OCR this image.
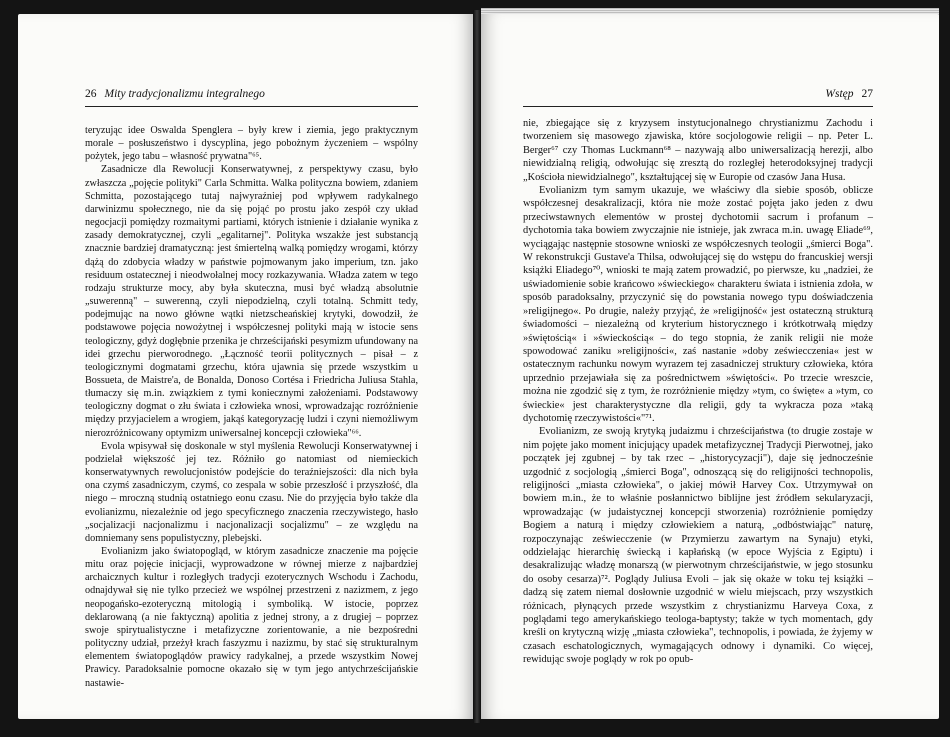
26 Mity tradycjonalizmu integralnego

teryzując idee Oswalda Spenglera – były krew i ziemia, jego praktycznym morale – posłuszeństwo i dyscyplina, jego pobożnym życzeniem – wspólny pożytek, jego tabu – własność prywatna"⁶⁵.

Zasadnicze dla Rewolucji Konserwatywnej, z perspektywy czasu, było zwłaszcza „pojęcie polityki" Carla Schmitta. Walka polityczna bowiem, zdaniem Schmitta, pozostającego tutaj najwyraźniej pod wpływem radykalnego darwinizmu społecznego, nie da się pojąć po prostu jako zespół czy układ negocjacji pomiędzy rozmaitymi partiami, których istnienie i działanie wynika z zasady demokratycznej, czyli „egalitarnej". Polityka wszakże jest substancją znacznie bardziej dramatyczną: jest śmiertelną walką pomiędzy wrogami, którzy dążą do zdobycia władzy w państwie pojmowanym jako imperium, tzn. jako residuum ostatecznej i nieodwołalnej mocy rozkazywania. Władza zatem w tego rodzaju strukturze mocy, aby była skuteczna, musi być władzą absolutnie „suwerenną" – suwerenną, czyli niepodzielną, czyli totalną. Schmitt tedy, podejmując na nowo główne wątki nietzscheańskiej krytyki, dowodził, że podstawowe pojęcia nowożytnej i współczesnej polityki mają w istocie sens teologiczny, gdyż dogłębnie przenika je chrześcijański pesymizm ufundowany na idei grzechu pierworodnego. „Łączność teorii politycznych – pisał – z teologicznymi dogmatami grzechu, która ujawnia się przede wszystkim u Bossueta, de Maistre'a, de Bonalda, Donoso Cortésa i Friedricha Juliusa Stahla, tłumaczy się m.in. związkiem z tymi koniecznymi założeniami. Podstawowy teologiczny dogmat o złu świata i człowieka wnosi, wprowadzając rozróżnienie między przyjacielem a wrogiem, jakąś kategoryzację ludzi i czyni niemożliwym nierozróżnicowany optymizm uniwersalnej koncepcji człowieka"⁶⁶.

Evola wpisywał się doskonale w styl myślenia Rewolucji Konserwatywnej i podzielał większość jej tez. Różniło go natomiast od niemieckich konserwatywnych rewolucjonistów podejście do teraźniejszości: dla nich była ona czymś zasadniczym, czymś, co zespala w sobie przeszłość i przyszłość, dla niego – mroczną studnią ostatniego eonu czasu. Nie do przyjęcia było także dla evolianizmu, niezależnie od jego specyficznego znaczenia rzeczywistego, hasło „socjalizacji nacjonalizmu i nacjonalizacji socjalizmu" – ze względu na domniemany sens populistyczny, plebejski.

Evolianizm jako światopogląd, w którym zasadnicze znaczenie ma pojęcie mitu oraz pojęcie inicjacji, wyprowadzone w równej mierze z najbardziej archaicznych kultur i rozległych tradycji ezoterycznych Wschodu i Zachodu, odnajdywał się nie tylko przecież we wspólnej przestrzeni z nazizmem, z jego neopogańsko-ezoteryczną mitologią i symboliką. W istocie, poprzez deklarowaną (a nie faktyczną) apolitia z jednej strony, a z drugiej – poprzez swoje spirytualistyczne i metafizyczne zorientowanie, a nie bezpośredni polityczny udział, przeżył krach faszyzmu i nazizmu, by stać się strukturalnym elementem światopoglądów prawicy radykalnej, a przede wszystkim Nowej Prawicy. Paradoksalnie pomocne okazało się w tym jego antychrześcijańskie nastawie-

Wstęp 27

nie, zbiegające się z kryzysem instytucjonalnego chrystianizmu Zachodu i tworzeniem się masowego zjawiska, które socjologowie religii – np. Peter L. Berger⁶⁷ czy Thomas Luckmann⁶⁸ – nazywają albo uniwersalizacją herezji, albo niewidzialną religią, odwołując się zresztą do rozległej heterodoksyjnej tradycji „Kościoła niewidzialnego", kształtującej się w Europie od czasów Jana Husa.

Evolianizm tym samym ukazuje, we właściwy dla siebie sposób, oblicze współczesnej desakralizacji, która nie może zostać pojęta jako jeden z dwu przeciwstawnych elementów w prostej dychotomii sacrum i profanum – dychotomia taka bowiem zwyczajnie nie istnieje, jak zwraca m.in. uwagę Eliade⁶⁹, wyciągając następnie stosowne wnioski ze współczesnych teologii „śmierci Boga". W rekonstrukcji Gustave'a Thilsa, odwołującej się do wstępu do francuskiej wersji książki Eliadego⁷⁰, wnioski te mają zatem prowadzić, po pierwsze, ku „nadziei, że uświadomienie sobie krańcowo »świeckiego« charakteru świata i istnienia zdoła, w sposób paradoksalny, przyczynić się do powstania nowego typu doświadczenia »religijnego«. Po drugie, należy przyjąć, że »religijność« jest ostateczną strukturą świadomości – niezależną od kryterium historycznego i krótkotrwałą między »świętością« i »świeckością« – do tego stopnia, że zanik religii nie może spowodować zaniku »religijności«, zaś nastanie »doby zeświecczenia« jest w ostatecznym rachunku nowym wyrazem tej zasadniczej struktury człowieka, która uprzednio przejawiała się za pośrednictwem »świętości«. Po trzecie wreszcie, można nie zgodzić się z tym, że rozróżnienie między »tym, co święte« a »tym, co świeckie« jest charakterystyczne dla religii, gdy ta wykracza poza »taką dychotomię rzeczywistości«"⁷¹.

Evolianizm, ze swoją krytyką judaizmu i chrześcijaństwa (to drugie zostaje w nim pojęte jako moment inicjujący upadek metafizycznej Tradycji Pierwotnej, jako początek jej zgubnej – by tak rzec – „historycyzacji"), daje się jednocześnie uzgodnić z socjologią „śmierci Boga", odnoszącą się do religijności technopolis, religijności „miasta człowieka", o jakiej mówił Harvey Cox. Utrzymywał on bowiem m.in., że to właśnie posłannictwo biblijne jest źródłem sekularyzacji, wprowadzając (w judaistycznej koncepcji stworzenia) rozróżnienie pomiędzy Bogiem a naturą i między człowiekiem a naturą, „odbóstwiając" naturę, rozpoczynając zeświecczenie (w Przymierzu zawartym na Synaju) etyki, oddzielając hierarchię świecką i kapłańską (w epoce Wyjścia z Egiptu) i desakralizując władzę monarszą (w pierwotnym chrześcijaństwie, w jego stosunku do osoby cesarza)⁷². Poglądy Juliusa Evoli – jak się okaże w toku tej książki – dadzą się zatem niemal dosłownie uzgodnić w wielu miejscach, przy wszystkich różnicach, płynących przede wszystkim z chrystianizmu Harveya Coxa, z poglądami tego amerykańskiego teologa-baptysty; także w tych momentach, gdy kreśli on krytyczną wizję „miasta człowieka", technopolis, i powiada, że żyjemy w czasach eschatologicznych, wymagających odnowy i dynamiki. Co więcej, rewidując swoje poglądy w rok po opub-
